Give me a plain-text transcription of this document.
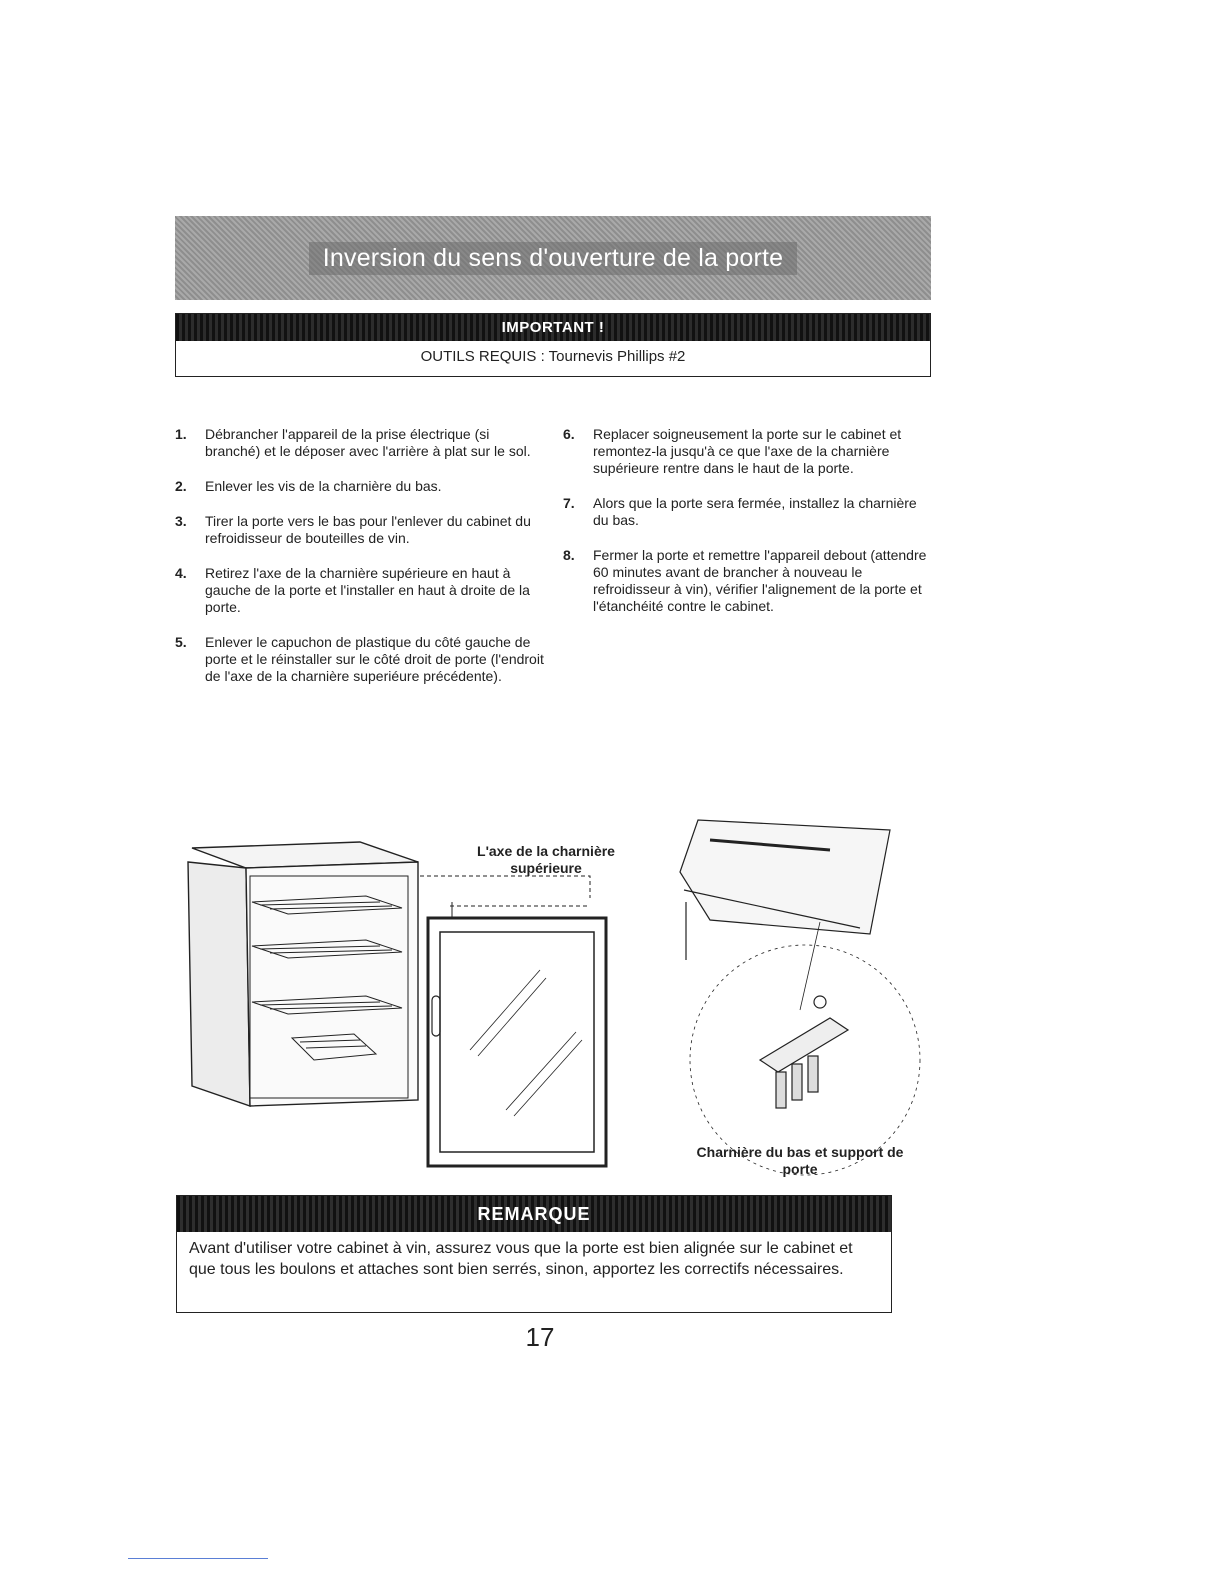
Inversion du sens d'ouverture de la porte
IMPORTANT !
OUTILS REQUIS : Tournevis Phillips #2
1.	Débrancher l'appareil de la prise électrique (si branché) et le déposer avec l'arrière à plat sur le sol.
2.	Enlever les vis de la charnière du bas.
3.	Tirer la porte vers le bas pour l'enlever du cabinet du refroidisseur de bouteilles de vin.
4.	Retirez l'axe de la charnière supérieure en haut à gauche de la porte et l'installer en haut à droite de la porte.
5.	Enlever le capuchon de plastique du côté gauche de porte et le réinstaller sur le côté droit de porte (l'endroit de l'axe de la charnière superiéure précédente).
6.	Replacer soigneusement la porte sur le cabinet et remontez-la jusqu'à ce que l'axe de la charnière supérieure rentre dans le haut de la porte.
7.	Alors que la porte sera fermée, installez la charnière du bas.
8.	Fermer la porte et remettre l'appareil debout (attendre 60 minutes avant de brancher à nouveau le refroidisseur à vin), vérifier l'alignement de la porte et l'étanchéité contre le cabinet.
L'axe de la charnière supérieure
Charnière du bas et support de porte
REMARQUE
Avant d'utiliser votre cabinet à vin, assurez vous que la porte est bien alignée sur le cabinet et que tous les boulons et attaches sont bien serrés, sinon, apportez les correctifs nécessaires.
17
